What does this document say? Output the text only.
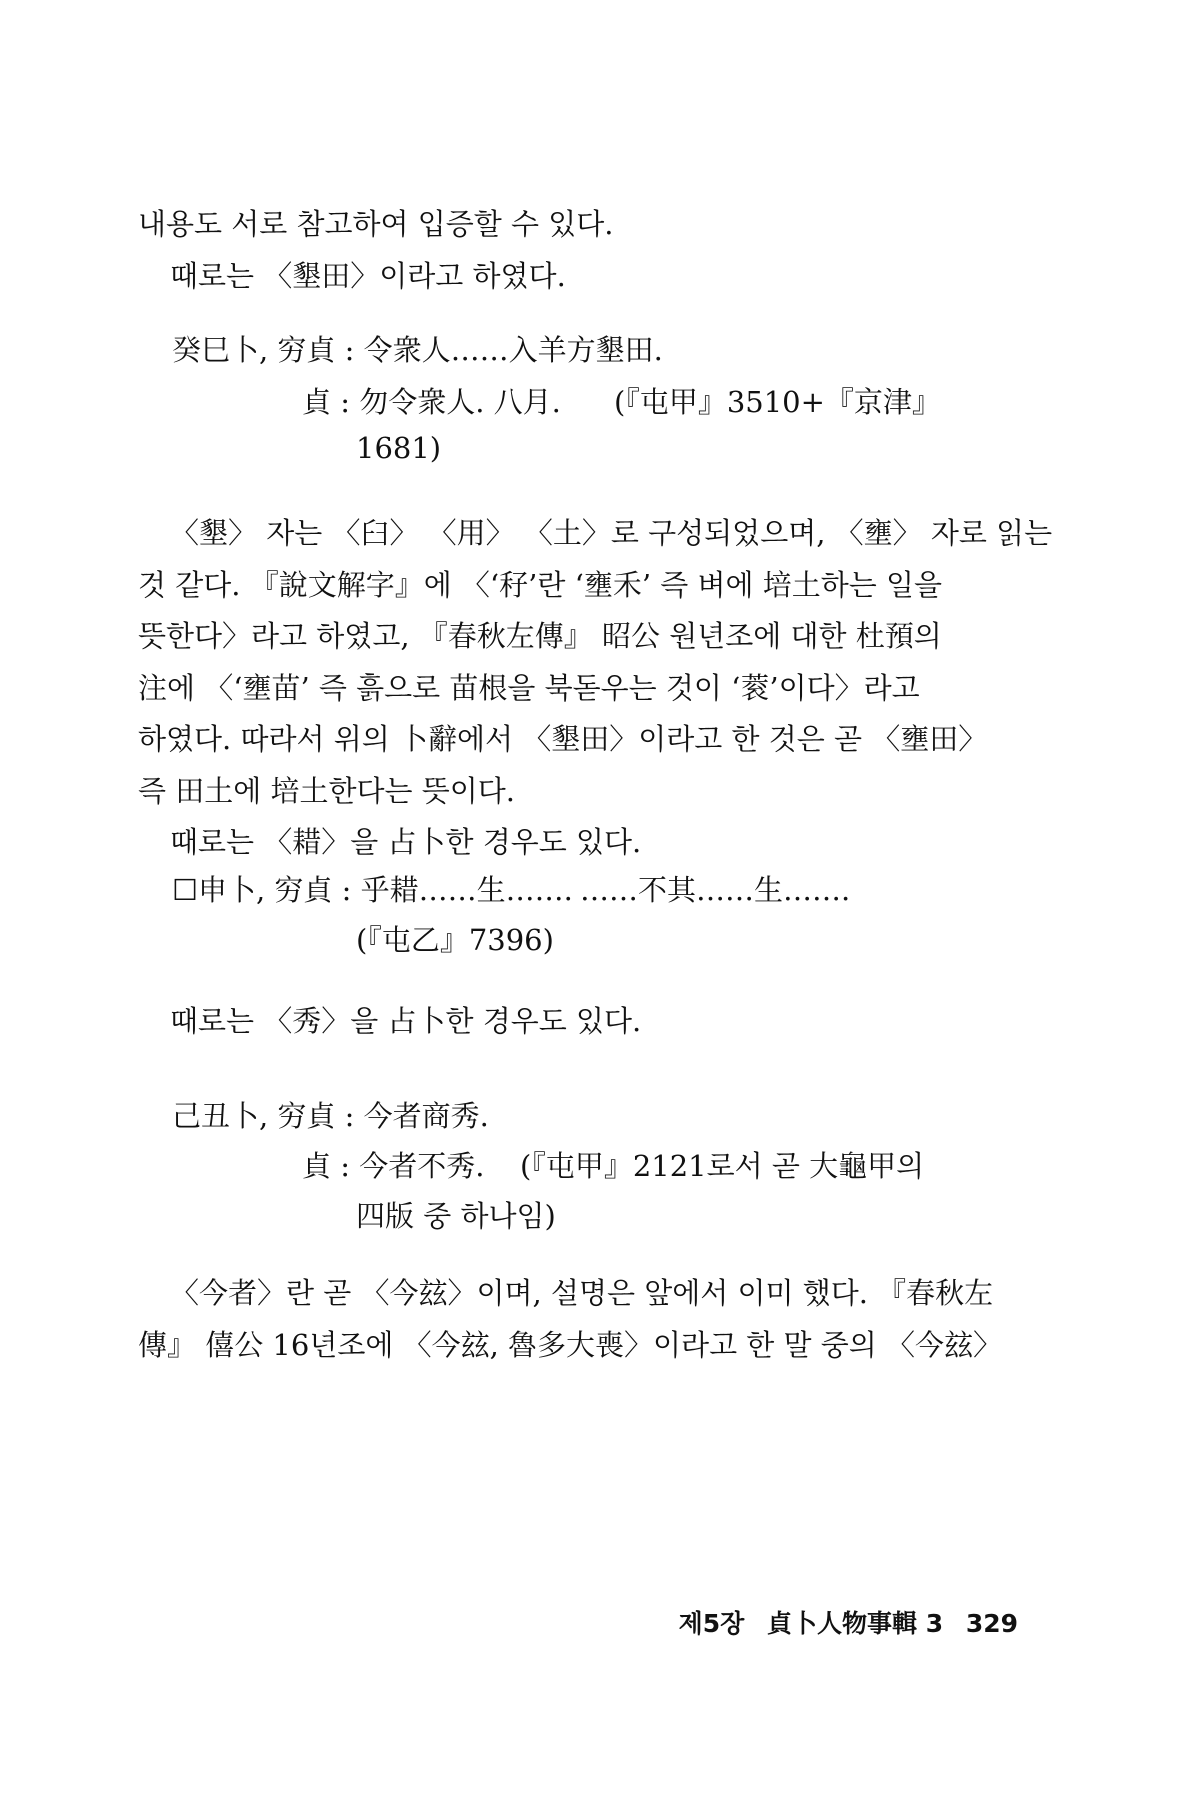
내용도 서로 참고하여 입증할 수 있다.
때로는 〈墾田〉이라고 하였다.
癸巳卜, 穷貞 : 令衆人……入羊方墾田.
貞 : 勿令衆人. 八月. (『屯甲』3510+『京津』
1681)
〈墾〉 자는 〈臼〉 〈用〉 〈土〉로 구성되었으며, 〈壅〉 자로 읽는
것 같다. 『說文解字』에 〈‘秄’란 ‘壅禾’ 즉 벼에 培土하는 일을
뜻한다〉라고 하였고, 『春秋左傳』 昭公 원년조에 대한 杜預의
注에 〈‘壅苗’ 즉 흙으로 苗根을 북돋우는 것이 ‘蓘’이다〉라고
하였다. 따라서 위의 卜辭에서 〈墾田〉이라고 한 것은 곧 〈壅田〉
즉 田土에 培土한다는 뜻이다.
때로는 〈耤〉을 占卜한 경우도 있다.
☐申卜, 穷貞 : 乎耤……生……. ……不其……生…….
(『屯乙』7396)
때로는 〈秀〉을 占卜한 경우도 있다.
己丑卜, 穷貞 : 今者商秀.
貞 : 今者不秀. (『屯甲』2121로서 곧 大龜甲의
四版 중 하나임)
〈今者〉란 곧 〈今玆〉이며, 설명은 앞에서 이미 했다. 『春秋左
傳』 僖公 16년조에 〈今玆, 魯多大喪〉이라고 한 말 중의 〈今玆〉
제5장 貞卜人物事輯 3 329
